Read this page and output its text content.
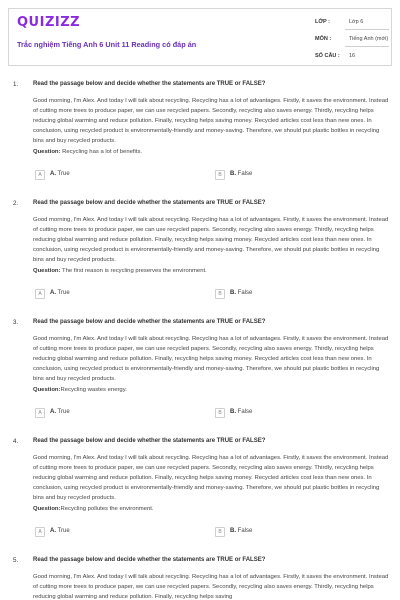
QUIZIZZ
Trắc nghiệm Tiếng Anh 6 Unit 11 Reading có đáp án
LỚP :	Lớp 6
MÔN :	Tiếng Anh (mới)
SỐ CÂU : 16
1. Read the passage below and decide whether the statements are TRUE or FALSE?
Good morning, I'm Alex. And today I will talk about recycling. Recycling has a lot of advantages. Firstly, it saves the environment. Instead of cutting more trees to produce paper, we can use recycled papers. Secondly, recycling also saves energy. Thirdly, recycling helps reducing global warming and reduce pollution. Finally, recycling helps saving money. Recycled articles cost less than new ones. In conclusion, using recycled product is environmentally-friendly and money-saving. Therefore, we should put plastic bottles in recycling bins and buy recycled products.
Question: Recycling has a lot of benefits.
A	A. True	B	B. False
2. Read the passage below and decide whether the statements are TRUE or FALSE?
Good morning, I'm Alex. And today I will talk about recycling. Recycling has a lot of advantages. Firstly, it saves the environment. Instead of cutting more trees to produce paper, we can use recycled papers. Secondly, recycling also saves energy. Thirdly, recycling helps reducing global warming and reduce pollution. Finally, recycling helps saving money. Recycled articles cost less than new ones. In conclusion, using recycled product is environmentally-friendly and money-saving. Therefore, we should put plastic bottles in recycling bins and buy recycled products.
Question: The first reason is recycling preserves the environment.
A	A. True	B	B. False
3. Read the passage below and decide whether the statements are TRUE or FALSE?
Good morning, I'm Alex. And today I will talk about recycling. Recycling has a lot of advantages. Firstly, it saves the environment. Instead of cutting more trees to produce paper, we can use recycled papers. Secondly, recycling also saves energy. Thirdly, recycling helps reducing global warming and reduce pollution. Finally, recycling helps saving money. Recycled articles cost less than new ones. In conclusion, using recycled product is environmentally-friendly and money-saving. Therefore, we should put plastic bottles in recycling bins and buy recycled products.
Question:Recycling wastes energy.
A	A. True	B	B. False
4. Read the passage below and decide whether the statements are TRUE or FALSE?
Good morning, I'm Alex. And today I will talk about recycling. Recycling has a lot of advantages. Firstly, it saves the environment. Instead of cutting more trees to produce paper, we can use recycled papers. Secondly, recycling also saves energy. Thirdly, recycling helps reducing global warming and reduce pollution. Finally, recycling helps saving money. Recycled articles cost less than new ones. In conclusion, using recycled product is environmentally-friendly and money-saving. Therefore, we should put plastic bottles in recycling bins and buy recycled products.
Question:Recycling pollutes the environment.
A	A. True	B	B. False
5. Read the passage below and decide whether the statements are TRUE or FALSE?
Good morning, I'm Alex. And today I will talk about recycling. Recycling has a lot of advantages. Firstly, it saves the environment. Instead of cutting more trees to produce paper, we can use recycled papers. Secondly, recycling also saves energy. Thirdly, recycling helps reducing global warming and reduce pollution. Finally, recycling helps saving
